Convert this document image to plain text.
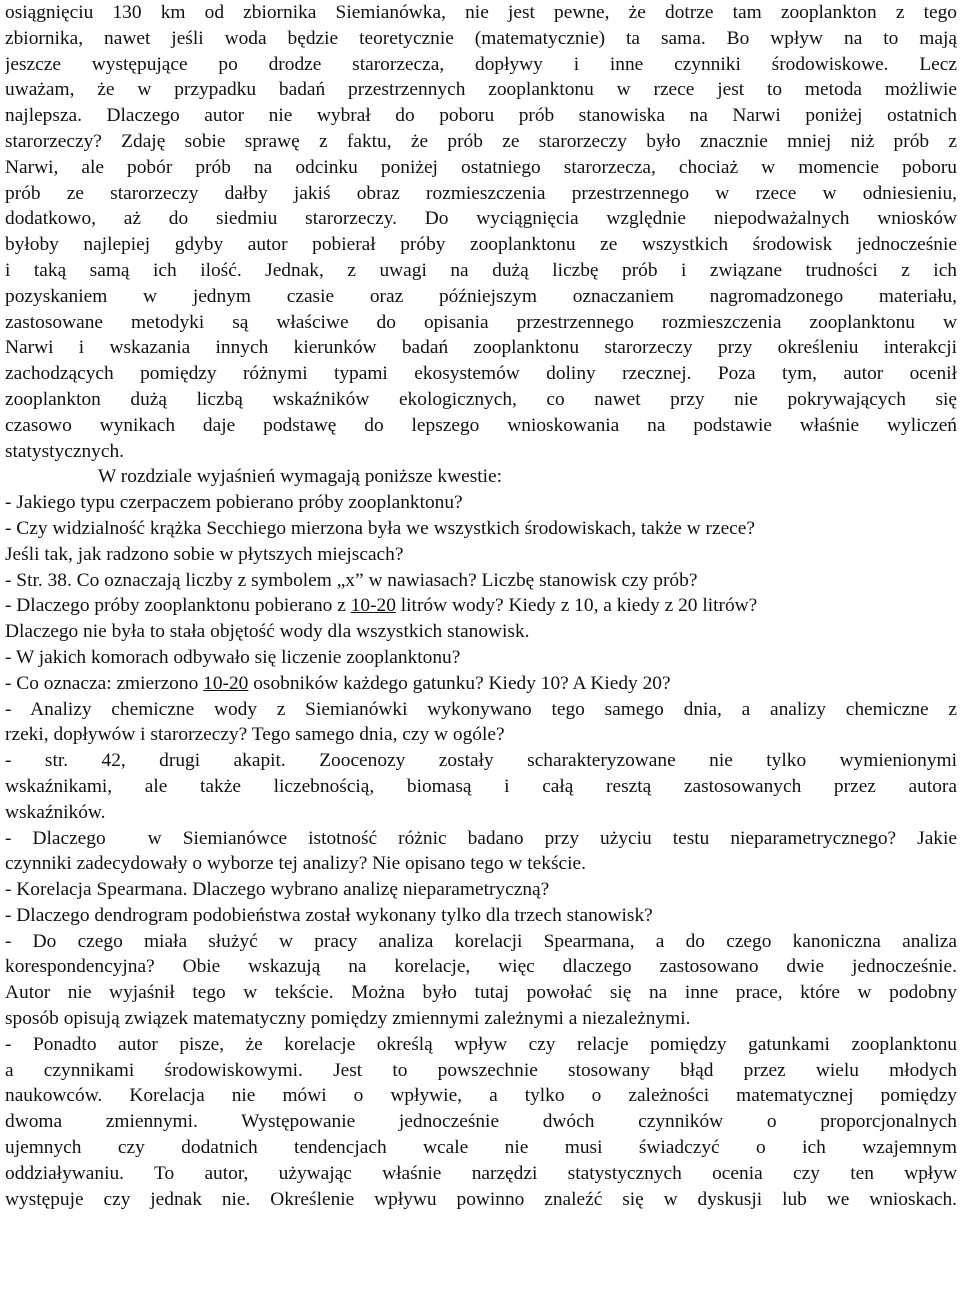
osiągnięciu 130 km od zbiornika Siemianówka, nie jest pewne, że dotrze tam zooplankton z tego
zbiornika, nawet jeśli woda będzie teoretycznie (matematycznie) ta sama. Bo wpływ na to mają
jeszcze występujące po drodze starorzecza, dopływy i inne czynniki środowiskowe. Lecz
uważam, że w przypadku badań przestrzennych zooplanktonu w rzece jest to metoda możliwie
najlepsza. Dlaczego autor nie wybrał do poboru prób stanowiska na Narwi poniżej ostatnich
starorzeczy? Zdaję sobie sprawę z faktu, że prób ze starorzeczy było znacznie mniej niż prób z
Narwi, ale pobór prób na odcinku poniżej ostatniego starorzecza, chociaż w momencie poboru
prób ze starorzeczy dałby jakiś obraz rozmieszczenia przestrzennego w rzece w odniesieniu,
dodatkowo, aż do siedmiu starorzeczy. Do wyciągnięcia względnie niepodważalnych wniosków
byłoby najlepiej gdyby autor pobierał próby zooplanktonu ze wszystkich środowisk jednocześnie
i taką samą ich ilość. Jednak, z uwagi na dużą liczbę prób i związane trudności z ich
pozyskaniem w jednym czasie oraz późniejszym oznaczaniem nagromadzonego materiału,
zastosowane metodyki są właściwe do opisania przestrzennego rozmieszczenia zooplanktonu w
Narwi i wskazania innych kierunków badań zooplanktonu starorzeczy przy określeniu interakcji
zachodzących pomiędzy różnymi typami ekosystemów doliny rzecznej. Poza tym, autor ocenił
zooplankton dużą liczbą wskaźników ekologicznych, co nawet przy nie pokrywających się
czasowo wynikach daje podstawę do lepszego wnioskowania na podstawie właśnie wyliczeń
statystycznych.
W rozdziale wyjaśnień wymagają poniższe kwestie:
- Jakiego typu czerpaczem pobierano próby zooplanktonu?
- Czy widzialność krążka Secchiego mierzona była we wszystkich środowiskach, także w rzece?
Jeśli tak, jak radzono sobie w płytszych miejscach?
- Str. 38. Co oznaczają liczby z symbolem „x” w nawiasach? Liczbę stanowisk czy prób?
- Dlaczego próby zooplanktonu pobierano z 10-20 litrów wody? Kiedy z 10, a kiedy z 20 litrów?
Dlaczego nie była to stała objętość wody dla wszystkich stanowisk.
- W jakich komorach odbywało się liczenie zooplanktonu?
- Co oznacza: zmierzono 10-20 osobników każdego gatunku? Kiedy 10? A Kiedy 20?
- Analizy chemiczne wody z Siemianówki wykonywano tego samego dnia, a analizy chemiczne z
rzeki, dopływów i starorzeczy? Tego samego dnia, czy w ogóle?
- str. 42, drugi akapit. Zoocenozy zostały scharakteryzowane nie tylko wymienionymi
wskaźnikami, ale także liczebnością, biomasą i całą resztą zastosowanych przez autora
wskaźników.
- Dlaczego  w Siemianówce istotność różnic badano przy użyciu testu nieparametrycznego? Jakie
czynniki zadecydowały o wyborze tej analizy? Nie opisano tego w tekście.
- Korelacja Spearmana. Dlaczego wybrano analizę nieparametryczną?
- Dlaczego dendrogram podobieństwa został wykonany tylko dla trzech stanowisk?
- Do czego miała służyć w pracy analiza korelacji Spearmana, a do czego kanoniczna analiza
korespondencyjna? Obie wskazują na korelacje, więc dlaczego zastosowano dwie jednocześnie.
Autor nie wyjaśnił tego w tekście. Można było tutaj powołać się na inne prace, które w podobny
sposób opisują związek matematyczny pomiędzy zmiennymi zależnymi a niezależnymi.
- Ponadto autor pisze, że korelacje określą wpływ czy relacje pomiędzy gatunkami zooplanktonu
a czynnikami środowiskowymi. Jest to powszechnie stosowany błąd przez wielu młodych
naukowców. Korelacja nie mówi o wpływie, a tylko o zależności matematycznej pomiędzy
dwoma zmiennymi. Występowanie jednocześnie dwóch czynników o proporcjonalnych
ujemnych czy dodatnich tendencjach wcale nie musi świadczyć o ich wzajemnym
oddziaływaniu. To autor, używając właśnie narzędzi statystycznych ocenia czy ten wpływ
występuje czy jednak nie. Określenie wpływu powinno znaleźć się w dyskusji lub we wnioskach.
